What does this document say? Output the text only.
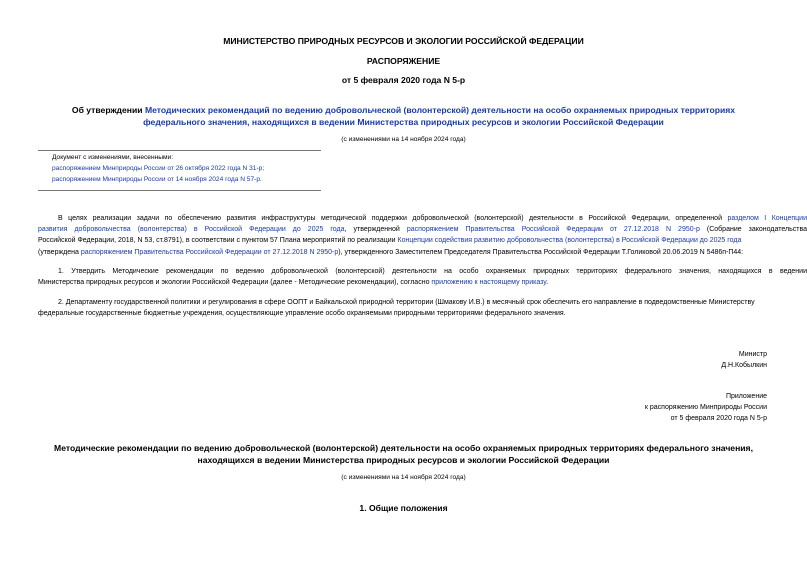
МИНИСТЕРСТВО ПРИРОДНЫХ РЕСУРСОВ И ЭКОЛОГИИ РОССИЙСКОЙ ФЕДЕРАЦИИ
РАСПОРЯЖЕНИЕ
от 5 февраля 2020 года N 5-р
Об утверждении Методических рекомендаций по ведению добровольческой (волонтерской) деятельности на особо охраняемых природных территориях
федерального значения, находящихся в ведении Министерства природных ресурсов и экологии Российской Федерации
(с изменениями на 14 ноября 2024 года)
Документ с изменениями, внесенными:
распоряжением Минприроды России от 26 октября 2022 года N 31-р;
распоряжением Минприроды России от 14 ноября 2024 года N 57-р.
В целях реализации задачи по обеспечению развития инфраструктуры методической поддержки добровольческой (волонтерской) деятельности в Российской Федерации, определенной разделом I Концепции
развития добровольчества (волонтерства) в Российской Федерации до 2025 года, утвержденной распоряжением Правительства Российской Федерации от 27.12.2018 N 2950-р (Собрание законодательства
Российской Федерации, 2018, N 53, ст.8791), в соответствии с пунктом 57 Плана мероприятий по реализации Концепции содействия развитию добровольчества (волонтерства) в Российской Федерации до 2025 года
(утверждена распоряжением Правительства Российской Федерации от 27.12.2018 N 2950-р), утвержденного Заместителем Председателя Правительства Российской Федерации Т.Голиковой 20.06.2019 N 5486п-П44:
1. Утвердить Методические рекомендации по ведению добровольческой (волонтерской) деятельности на особо охраняемых природных территориях федерального значения, находящихся в ведении
Министерства природных ресурсов и экологии Российской Федерации (далее - Методические рекомендации), согласно приложению к настоящему приказу.
2. Департаменту государственной политики и регулирования в сфере ООПТ и Байкальской природной территории (Шмакову И.В.) в месячный срок обеспечить его направление в подведомственные Министерству
федеральные государственные бюджетные учреждения, осуществляющие управление особо охраняемыми природными территориями федерального значения.
Министр
Д.Н.Кобылкин
Приложение
к распоряжению Минприроды России
от 5 февраля 2020 года N 5-р
Методические рекомендации по ведению добровольческой (волонтерской) деятельности на особо охраняемых природных территориях федерального значения,
находящихся в ведении Министерства природных ресурсов и экологии Российской Федерации
(с изменениями на 14 ноября 2024 года)
1. Общие положения
